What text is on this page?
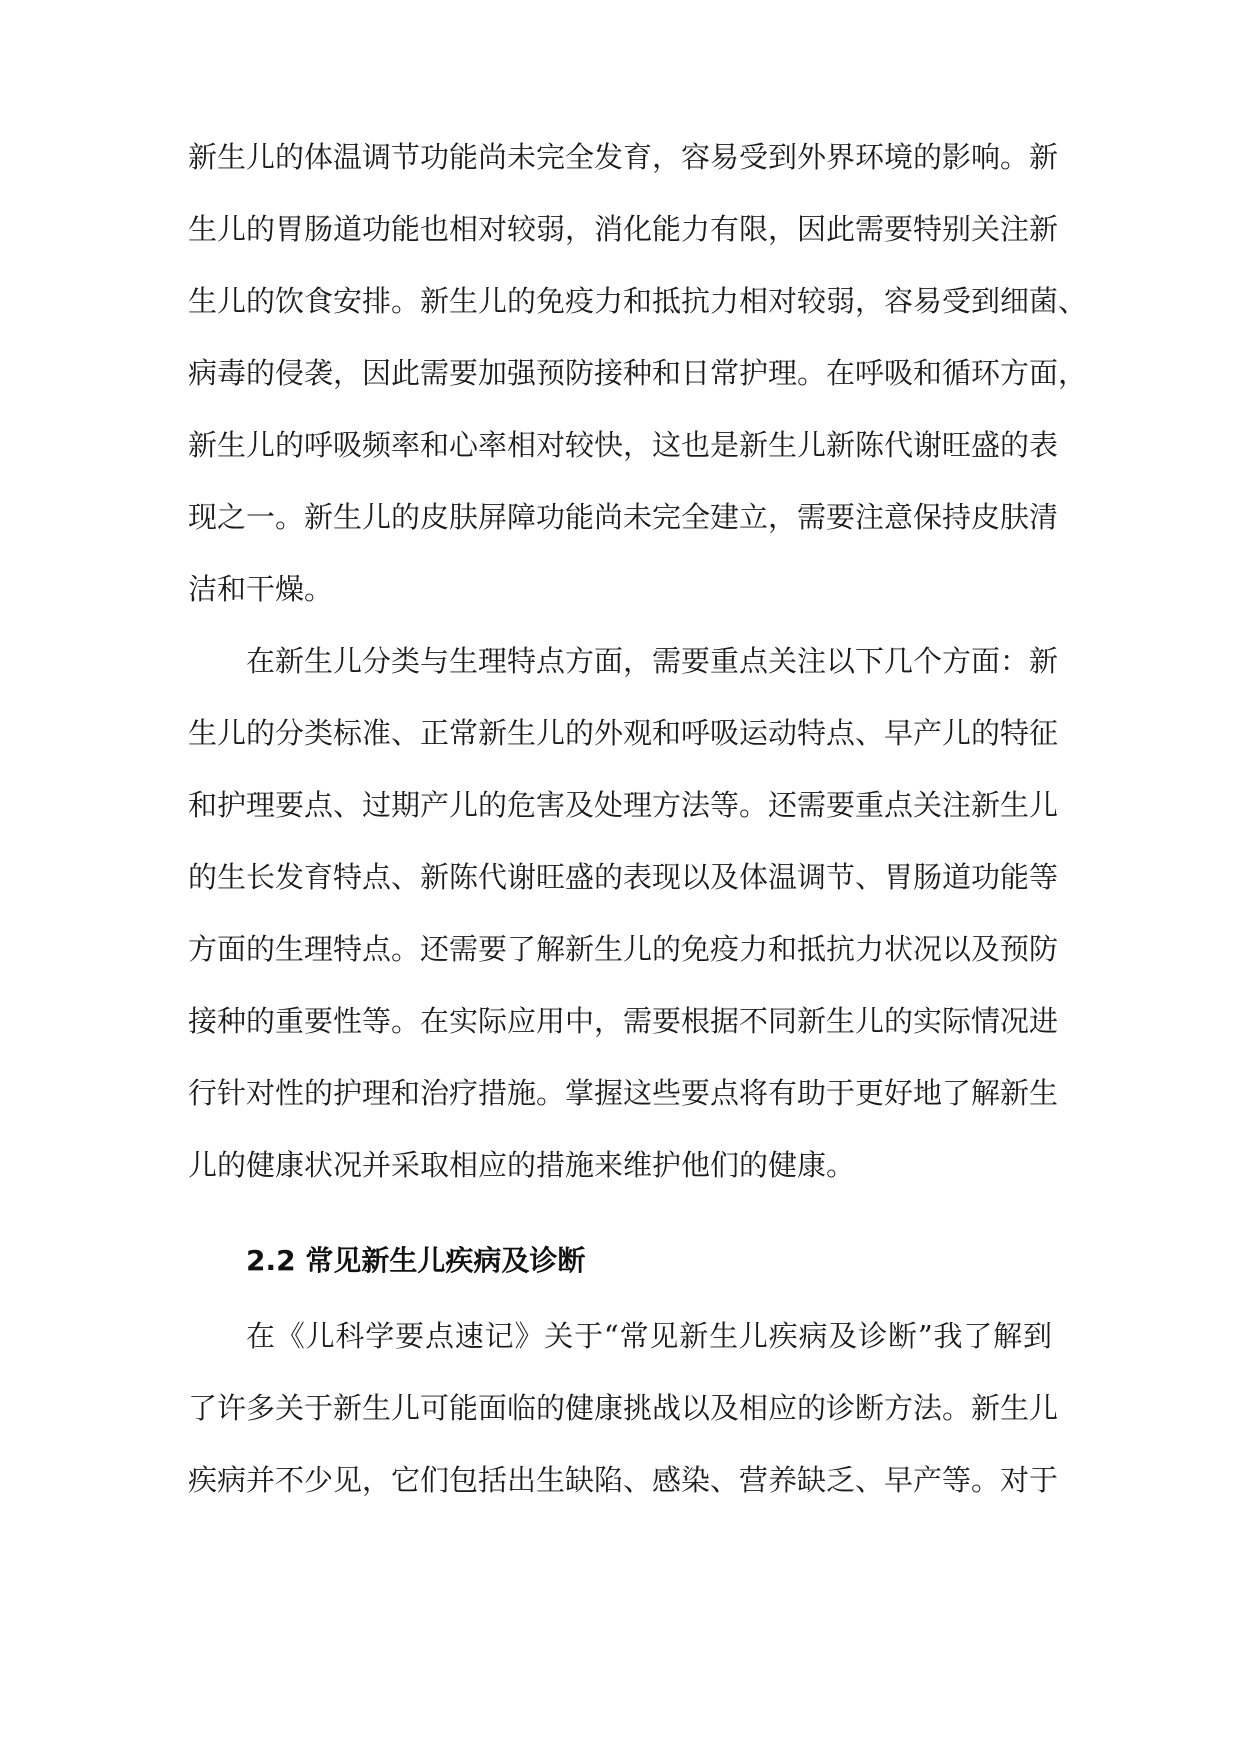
新生儿的体温调节功能尚未完全发育，容易受到外界环境的影响。新
生儿的胃肠道功能也相对较弱，消化能力有限，因此需要特别关注新
生儿的饮食安排。新生儿的免疫力和抵抗力相对较弱，容易受到细菌、
病毒的侵袭，因此需要加强预防接种和日常护理。在呼吸和循环方面，
新生儿的呼吸频率和心率相对较快，这也是新生儿新陈代谢旺盛的表
现之一。新生儿的皮肤屏障功能尚未完全建立，需要注意保持皮肤清
洁和干燥。
在新生儿分类与生理特点方面，需要重点关注以下几个方面：新
生儿的分类标准、正常新生儿的外观和呼吸运动特点、早产儿的特征
和护理要点、过期产儿的危害及处理方法等。还需要重点关注新生儿
的生长发育特点、新陈代谢旺盛的表现以及体温调节、胃肠道功能等
方面的生理特点。还需要了解新生儿的免疫力和抵抗力状况以及预防
接种的重要性等。在实际应用中，需要根据不同新生儿的实际情况进
行针对性的护理和治疗措施。掌握这些要点将有助于更好地了解新生
儿的健康状况并采取相应的措施来维护他们的健康。
2.2 常见新生儿疾病及诊断
在《儿科学要点速记》关于“常见新生儿疾病及诊断”我了解到
了许多关于新生儿可能面临的健康挑战以及相应的诊断方法。新生儿
疾病并不少见，它们包括出生缺陷、感染、营养缺乏、早产等。对于
